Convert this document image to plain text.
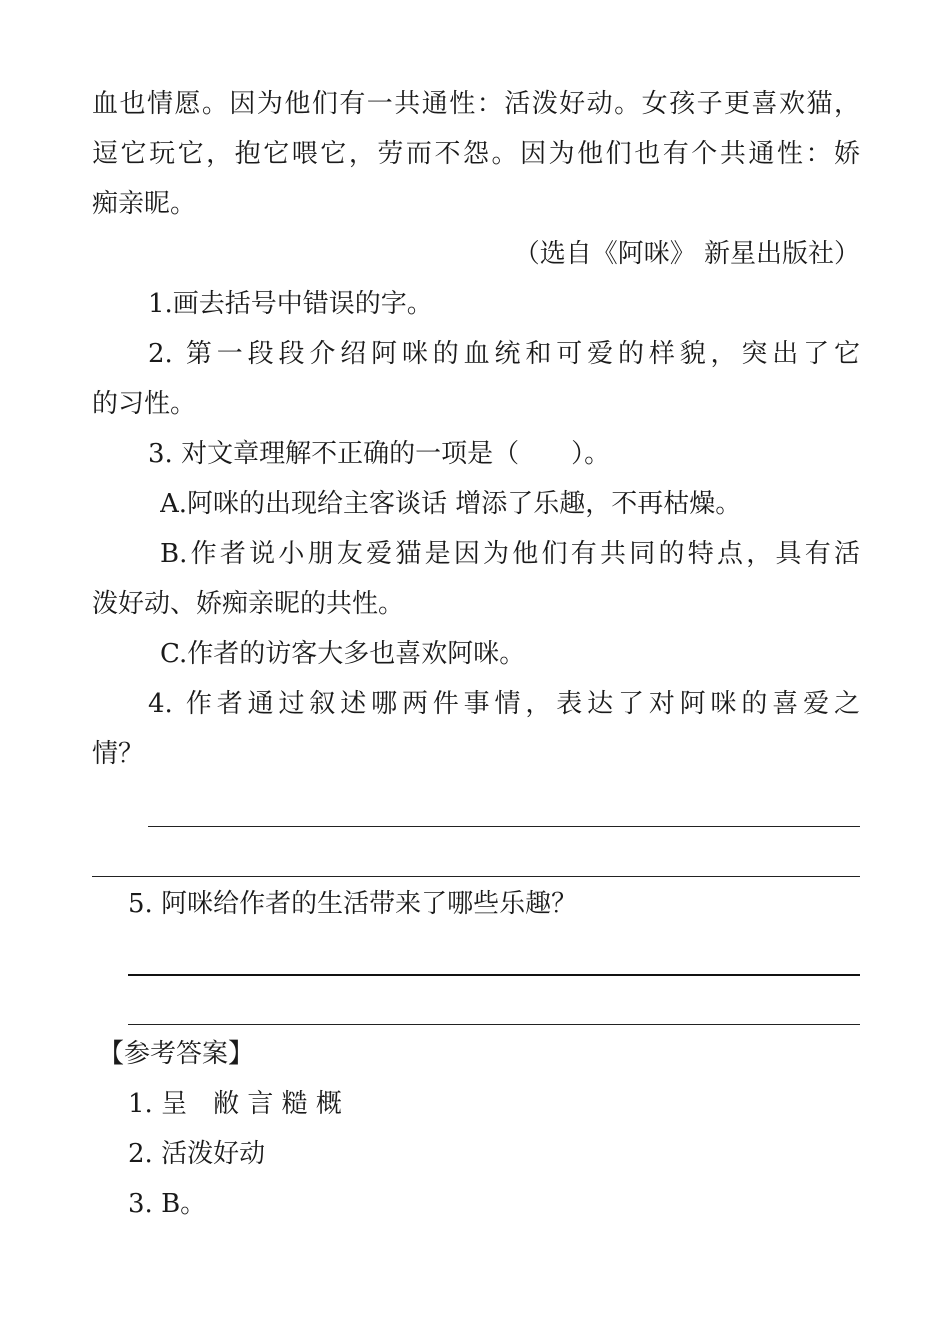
血也情愿。因为他们有一共通性：活泼好动。女孩子更喜欢猫，
逗它玩它，抱它喂它，劳而不怨。因为他们也有个共通性：娇
痴亲昵。
（选自《阿咪》 新星出版社）
1.画去括号中错误的字。
2. 第一段段介绍阿咪的血统和可爱的样貌，突出了它
的习性。
3. 对文章理解不正确的一项是（　　）。
A.阿咪的出现给主客谈话 增添了乐趣，不再枯燥。
B.作者说小朋友爱猫是因为他们有共同的特点，具有活
泼好动、娇痴亲昵的共性。
C.作者的访客大多也喜欢阿咪。
4. 作者通过叙述哪两件事情，表达了对阿咪的喜爱之
情？
5. 阿咪给作者的生活带来了哪些乐趣？
【参考答案】
1. 呈　敝 言 糙 概
2. 活泼好动
3. B。
